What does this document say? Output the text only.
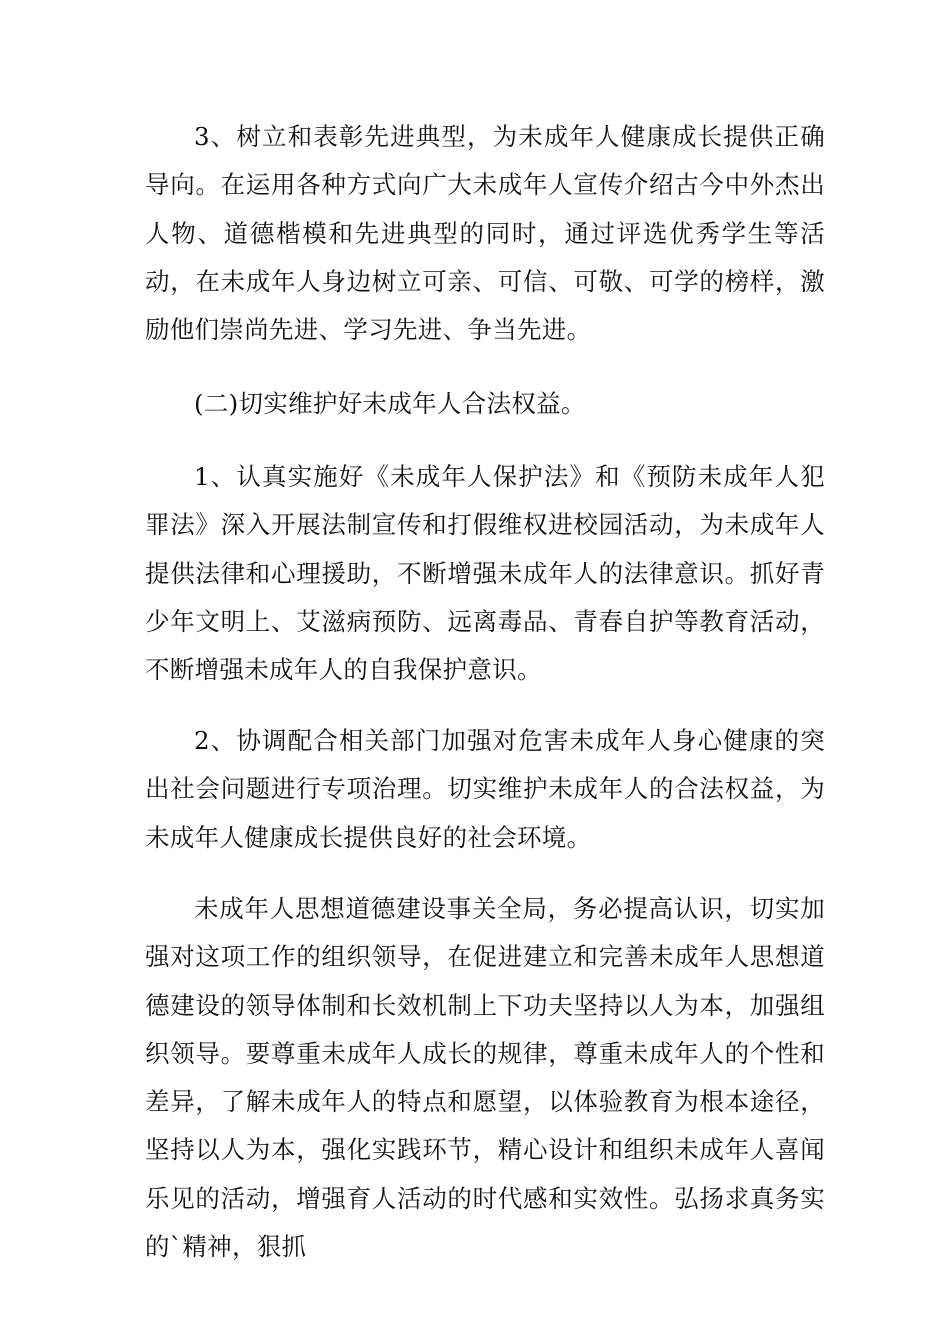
3、树立和表彰先进典型，为未成年人健康成长提供正确导向。在运用各种方式向广大未成年人宣传介绍古今中外杰出人物、道德楷模和先进典型的同时，通过评选优秀学生等活动，在未成年人身边树立可亲、可信、可敬、可学的榜样，激励他们崇尚先进、学习先进、争当先进。

(二)切实维护好未成年人合法权益。

1、认真实施好《未成年人保护法》和《预防未成年人犯罪法》深入开展法制宣传和打假维权进校园活动，为未成年人提供法律和心理援助，不断增强未成年人的法律意识。抓好青少年文明上、艾滋病预防、远离毒品、青春自护等教育活动，不断增强未成年人的自我保护意识。

2、协调配合相关部门加强对危害未成年人身心健康的突出社会问题进行专项治理。切实维护未成年人的合法权益，为未成年人健康成长提供良好的社会环境。

未成年人思想道德建设事关全局，务必提高认识，切实加强对这项工作的组织领导，在促进建立和完善未成年人思想道德建设的领导体制和长效机制上下功夫坚持以人为本，加强组织领导。要尊重未成年人成长的规律，尊重未成年人的个性和差异，了解未成年人的特点和愿望，以体验教育为根本途径，坚持以人为本，强化实践环节，精心设计和组织未成年人喜闻乐见的活动，增强育人活动的时代感和实效性。弘扬求真务实的`精神，狠抓
